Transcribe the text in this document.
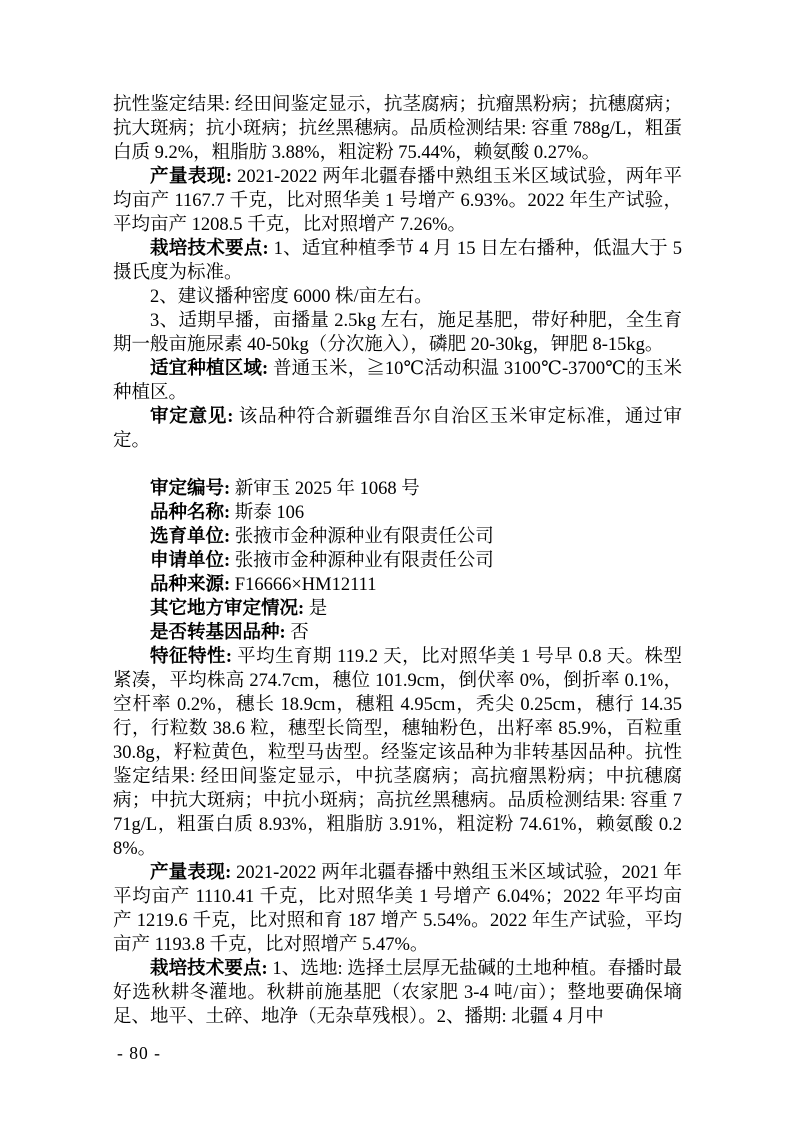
抗性鉴定结果: 经田间鉴定显示，抗茎腐病；抗瘤黑粉病；抗穗腐病；抗大斑病；抗小斑病；抗丝黑穗病。品质检测结果: 容重 788g/L，粗蛋白质 9.2%，粗脂肪 3.88%，粗淀粉 75.44%，赖氨酸 0.27%。

产量表现: 2021-2022 两年北疆春播中熟组玉米区域试验，两年平均亩产 1167.7 千克，比对照华美 1 号增产 6.93%。2022 年生产试验，平均亩产 1208.5 千克，比对照增产 7.26%。

栽培技术要点: 1、适宜种植季节 4 月 15 日左右播种，低温大于 5 摄氏度为标准。

2、建议播种密度 6000 株/亩左右。

3、适期早播，亩播量 2.5kg 左右，施足基肥，带好种肥，全生育期一般亩施尿素 40-50kg（分次施入），磷肥 20-30kg，钾肥 8-15kg。

适宜种植区域: 普通玉米，≧10℃活动积温 3100℃-3700℃的玉米种植区。

审定意见: 该品种符合新疆维吾尔自治区玉米审定标准，通过审定。

审定编号: 新审玉 2025 年 1068 号

品种名称: 斯泰 106

选育单位: 张掖市金种源种业有限责任公司

申请单位: 张掖市金种源种业有限责任公司

品种来源: F16666×HM12111

其它地方审定情况: 是

是否转基因品种: 否

特征特性: 平均生育期 119.2 天，比对照华美 1 号早 0.8 天。株型紧凑，平均株高 274.7cm，穗位 101.9cm，倒伏率 0%，倒折率 0.1%，空杆率 0.2%，穗长 18.9cm，穗粗 4.95cm，秃尖 0.25cm，穗行 14.35 行，行粒数 38.6 粒，穗型长筒型，穗轴粉色，出籽率 85.9%，百粒重 30.8g，籽粒黄色，粒型马齿型。经鉴定该品种为非转基因品种。抗性鉴定结果: 经田间鉴定显示，中抗茎腐病；高抗瘤黑粉病；中抗穗腐病；中抗大斑病；中抗小斑病；高抗丝黑穗病。品质检测结果: 容重 771g/L，粗蛋白质 8.93%，粗脂肪 3.91%，粗淀粉 74.61%，赖氨酸 0.28%。

产量表现: 2021-2022 两年北疆春播中熟组玉米区域试验，2021 年平均亩产 1110.41 千克，比对照华美 1 号增产 6.04%；2022 年平均亩产 1219.6 千克，比对照和育 187 增产 5.54%。2022 年生产试验，平均亩产 1193.8 千克，比对照增产 5.47%。

栽培技术要点: 1、选地: 选择土层厚无盐碱的土地种植。春播时最好选秋耕冬灌地。秋耕前施基肥（农家肥 3-4 吨/亩）；整地要确保墒足、地平、土碎、地净（无杂草残根）。2、播期: 北疆 4 月中

- 80 -
